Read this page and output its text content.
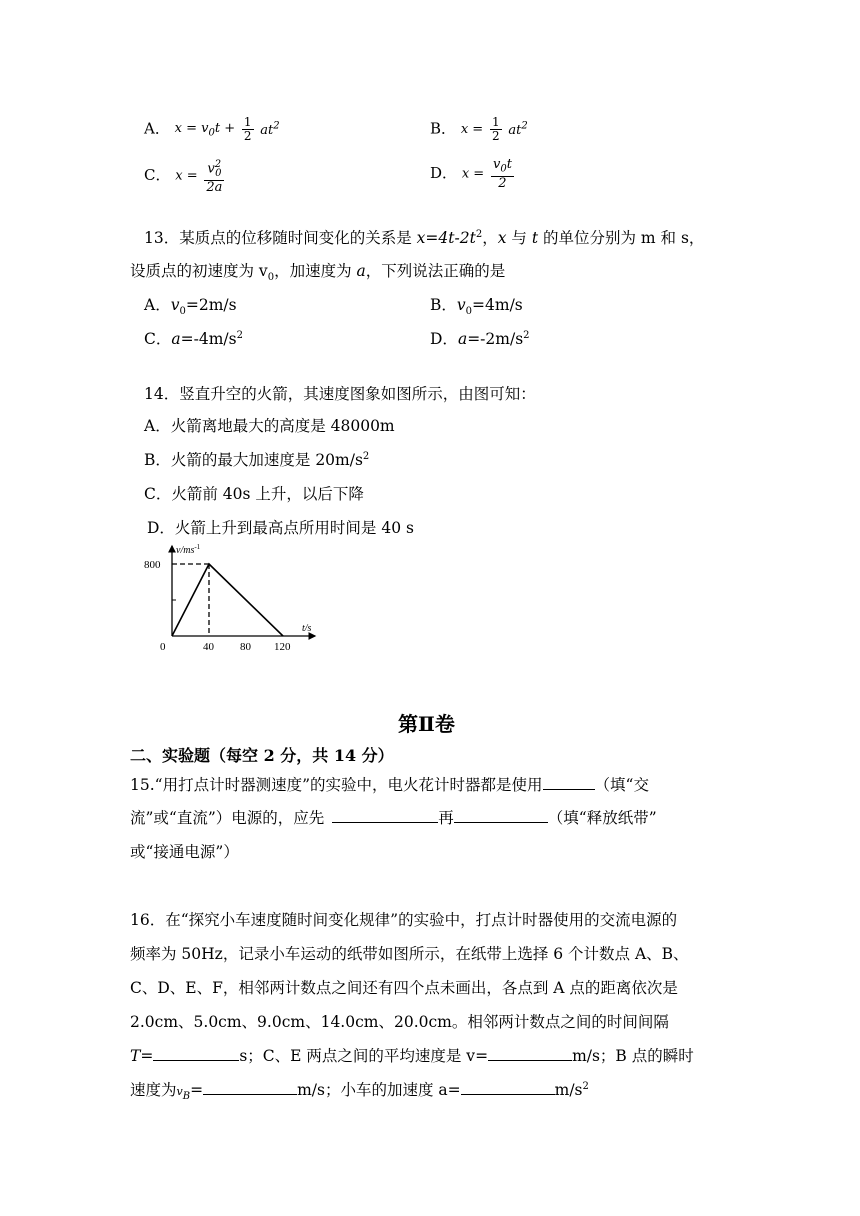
A． $x = v_0t + \frac{1}{2} at^2$	B． $x = \frac{1}{2} at^2$
C． $x = \frac{v^2_0}{2a}$	D． $x = \frac{v_0t}{2}$
13．某质点的位移随时间变化的关系是 $x=4t-2t^2$，x 与 t 的单位分别为 m 和 s，
设质点的初速度为 $v_0$，加速度为 a，下列说法正确的是
A．$v_0=2m/s$	B．$v_0=4m/s$
C．$a=-4m/s^2$	D．$a=-2m/s^2$
14．竖直升空的火箭，其速度图象如图所示，由图可知：
A．火箭离地最大的高度是 48000m
B．火箭的最大加速度是 $20m/s^2$
C．火箭前 40s 上升，以后下降
D．火箭上升到最高点所用时间是 40 s
$v/ms^{-1}$
t/s
800
0	40 80 120
第Ⅱ卷
二、实验题（每空 2 分，共 14 分）
15.“用打点计时器测速度”的实验中，电火花计时器都是使用	（填“交
流”或“直流”）电源的，应先	再	（填“释放纸带”
或“接通电源”）
16．在“探究小车速度随时间变化规律”的实验中，打点计时器使用的交流电源的
频率为 50Hz，记录小车运动的纸带如图所示，在纸带上选择 6 个计数点 A、B、
C、D、E、F，相邻两计数点之间还有四个点未画出，各点到 A 点的距离依次是
2.0cm、5.0cm、9.0cm、14.0cm、20.0cm。相邻两计数点之间的时间间隔
T=	s；C、E 两点之间的平均速度是 v=	m/s；B 点的瞬时
速度为$v_B=$	m/s；小车的加速度 a=	$m/s^2$
